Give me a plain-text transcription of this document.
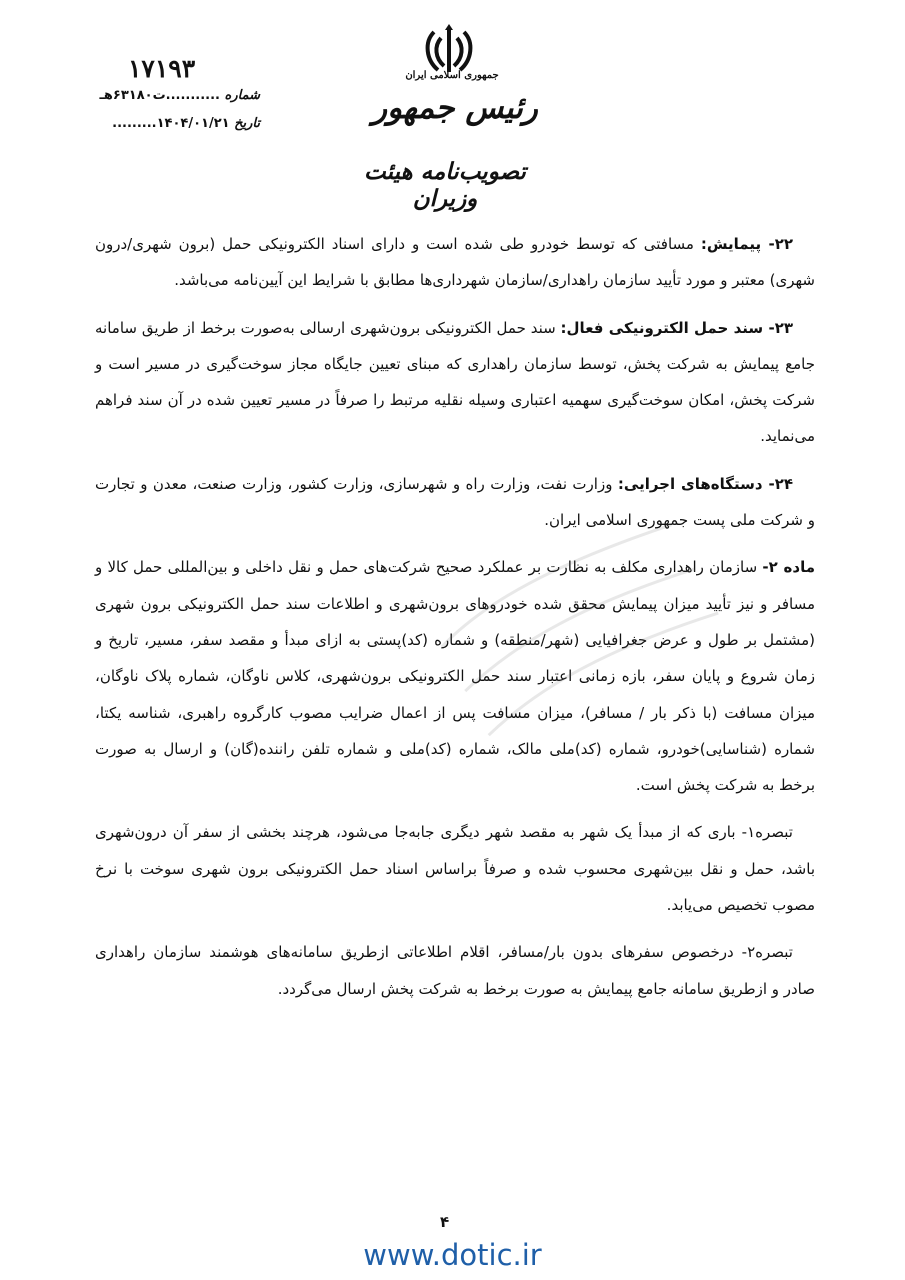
جمهوری اسلامی ایران
رئیس جمهور
تصویب‌نامه هیئت وزیران
۱۷۱۹۳
شماره ...........ت۶۳۱۸۰هـ
تاریخ ۱۴۰۴/۰۱/۲۱.........

۲۲- پیمایش: مسافتی که توسط خودرو طی شده است و دارای اسناد الکترونیکی حمل (برون شهری/درون شهری) معتبر و مورد تأیید سازمان راهداری/سازمان شهرداری‌ها مطابق با شرایط این آیین‌نامه می‌باشد.

۲۳- سند حمل الکترونیکی فعال: سند حمل الکترونیکی برون‌شهری ارسالی به‌صورت برخط از طریق سامانه جامع پیمایش به شرکت پخش، توسط سازمان راهداری که مبنای تعیین جایگاه مجاز سوخت‌گیری در مسیر است و شرکت پخش، امکان سوخت‌گیری سهمیه اعتباری وسیله نقلیه مرتبط را صرفاً در مسیر تعیین شده در آن سند فراهم می‌نماید.

۲۴- دستگاه‌های اجرایی: وزارت نفت، وزارت راه و شهرسازی، وزارت کشور، وزارت صنعت، معدن و تجارت و شرکت ملی پست جمهوری اسلامی ایران.

ماده ۲- سازمان راهداری مکلف به نظارت بر عملکرد صحیح شرکت‌های حمل و نقل داخلی و بین‌المللی حمل کالا و مسافر و نیز تأیید میزان پیمایش محقق شده خودروهای برون‌شهری و اطلاعات سند حمل الکترونیکی برون شهری (مشتمل بر طول و عرض جغرافیایی (شهر/منطقه) و شماره (کد)پستی به ازای مبدأ و مقصد سفر، مسیر، تاریخ و زمان شروع و پایان سفر، بازه زمانی اعتبار سند حمل الکترونیکی برون‌شهری، کلاس ناوگان، شماره پلاک ناوگان، میزان مسافت (با ذکر بار / مسافر)، میزان مسافت پس از اعمال ضرایب مصوب کارگروه راهبری، شناسه یکتا، شماره (شناسایی)خودرو، شماره (کد)ملی مالک، شماره (کد)ملی و شماره تلفن راننده(گان) و ارسال به صورت برخط به شرکت پخش است.

تبصره۱- باری که از مبدأ یک شهر به مقصد شهر دیگری جابه‌جا می‌شود، هرچند بخشی از سفر آن درون‌شهری باشد، حمل و نقل بین‌شهری محسوب شده و صرفاً براساس اسناد حمل الکترونیکی برون شهری سوخت با نرخ مصوب تخصیص می‌یابد.

تبصره۲- درخصوص سفرهای بدون بار/مسافر، اقلام اطلاعاتی ازطریق سامانه‌های هوشمند سازمان راهداری صادر و ازطریق سامانه جامع پیمایش به صورت برخط به شرکت پخش ارسال می‌گردد.

۴
www.dotic.ir
